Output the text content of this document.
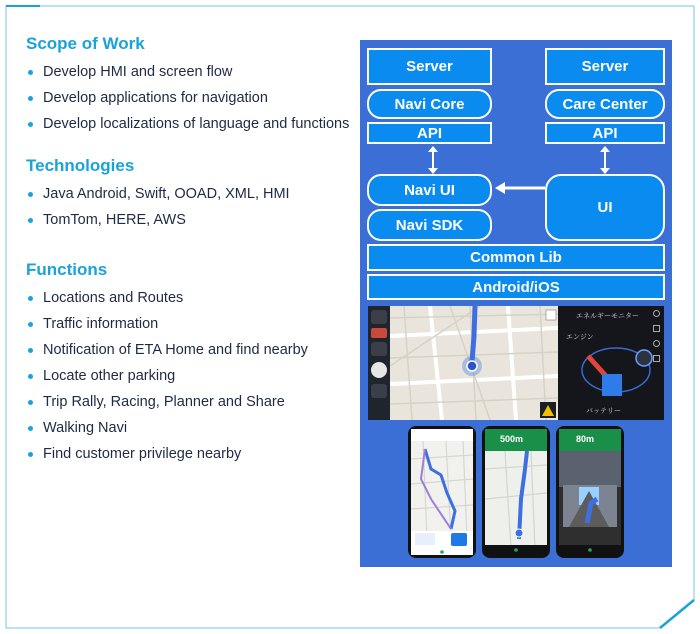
Scope of Work
Develop HMI and screen flow
Develop applications for navigation
Develop localizations of language and functions
Technologies
Java Android, Swift, OOAD, XML, HMI
TomTom, HERE, AWS
Functions
Locations and Routes
Traffic information
Notification of ETA Home and find nearby
Locate other parking
Trip Rally, Racing, Planner and Share
Walking Navi
Find customer privilege nearby
Server
Navi Core
API
Server
Care Center
API
Navi UI
Navi SDK
UI
Common Lib
Android/iOS
エネルギーモニター
エンジン
バッテリー
500m	80m
